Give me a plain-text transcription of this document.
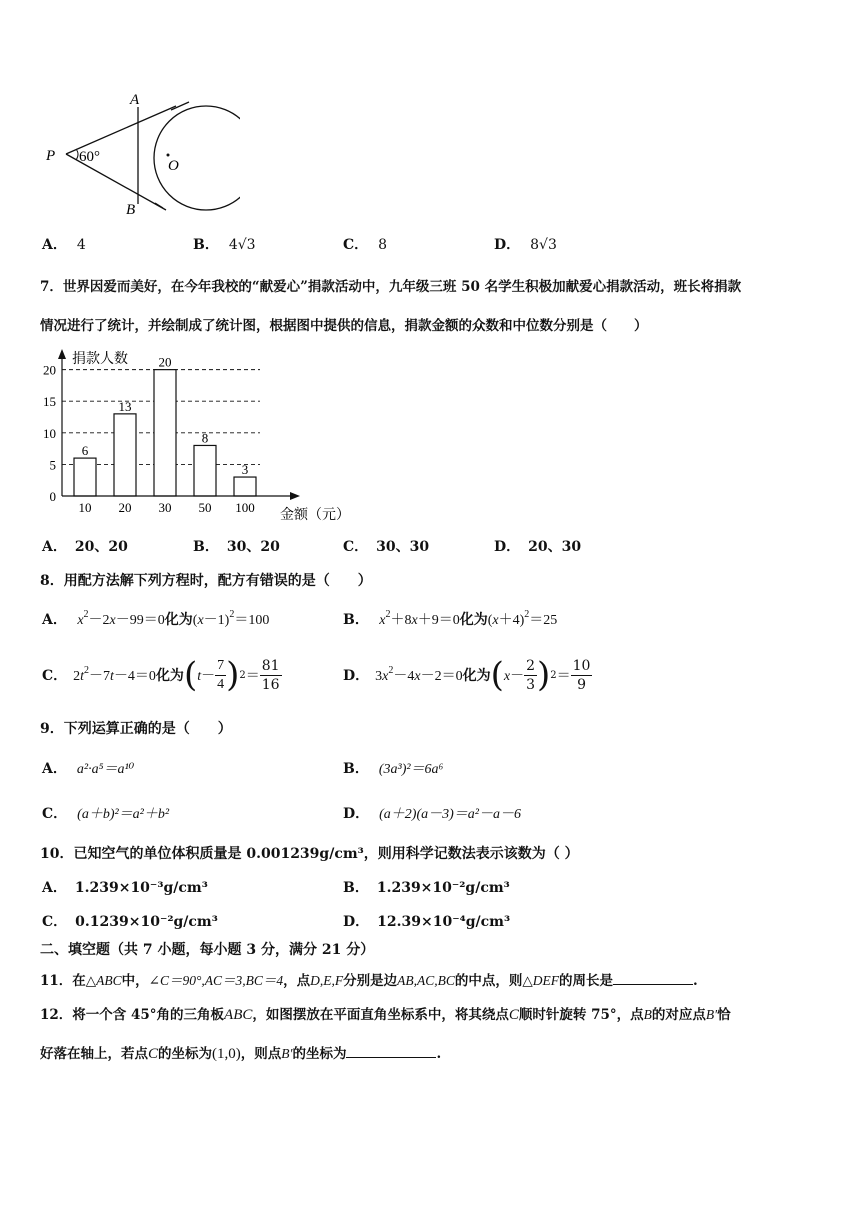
P
A
B
O
60°
A． 4	B． 4√3	C． 8	D． 8√3
7．世界因爱而美好，在今年我校的“献爱心”捐款活动中，九年级三班 50 名学生积极加献爱心捐款活动，班长将捐款
情况进行了统计，并绘制成了统计图，根据图中提供的信息，捐款金额的众数和中位数分别是（　　）
6
13
20
8
3
0
5
10
15
20
10 20 30 50 100
捐款人数
金额（元）
A． 20、20	B． 30、20	C． 30、30	D． 20、30
8．用配方法解下列方程时，配方有错误的是（　　）
A． $x^2-2x-99=0$化为$(x-1)^2=100$	B． $x^2+8x+9=0$化为$(x+4)^2=25$
C． $2t^2-7t-4=0$ 化为 ( $t- \frac{7}{4}$ ) $2 = \frac{81}{16}$	D． $3x^2-4x-2=0$ 化为 ( $x- \frac{2}{3}$ ) $2 = \frac{10}{9}$
9．下列运算正确的是（　　）
A． a²·a⁵＝a¹⁰	B． (3a³)²＝6a⁶
C． (a＋b)²＝a²＋b²	D． (a＋2)(a－3)＝a²－a－6
10．已知空气的单位体积质量是 0.001239g/cm³，则用科学记数法表示该数为（ ）
A． 1.239×10⁻³g/cm³	B． 1.239×10⁻²g/cm³
C． 0.1239×10⁻²g/cm³	D． 12.39×10⁻⁴g/cm³
二、填空题（共 7 小题，每小题 3 分，满分 21 分）
11．在△ABC中，∠C＝90°,AC＝3,BC＝4，点D,E,F分别是边AB,AC,BC的中点，则△DEF的周长是	.
12．将一个含 45°角的三角板ABC，如图摆放在平面直角坐标系中，将其绕点C顺时针旋转 75°，点B的对应点B′恰
好落在轴上，若点C的坐标为(1,0)，则点B′的坐标为	.
